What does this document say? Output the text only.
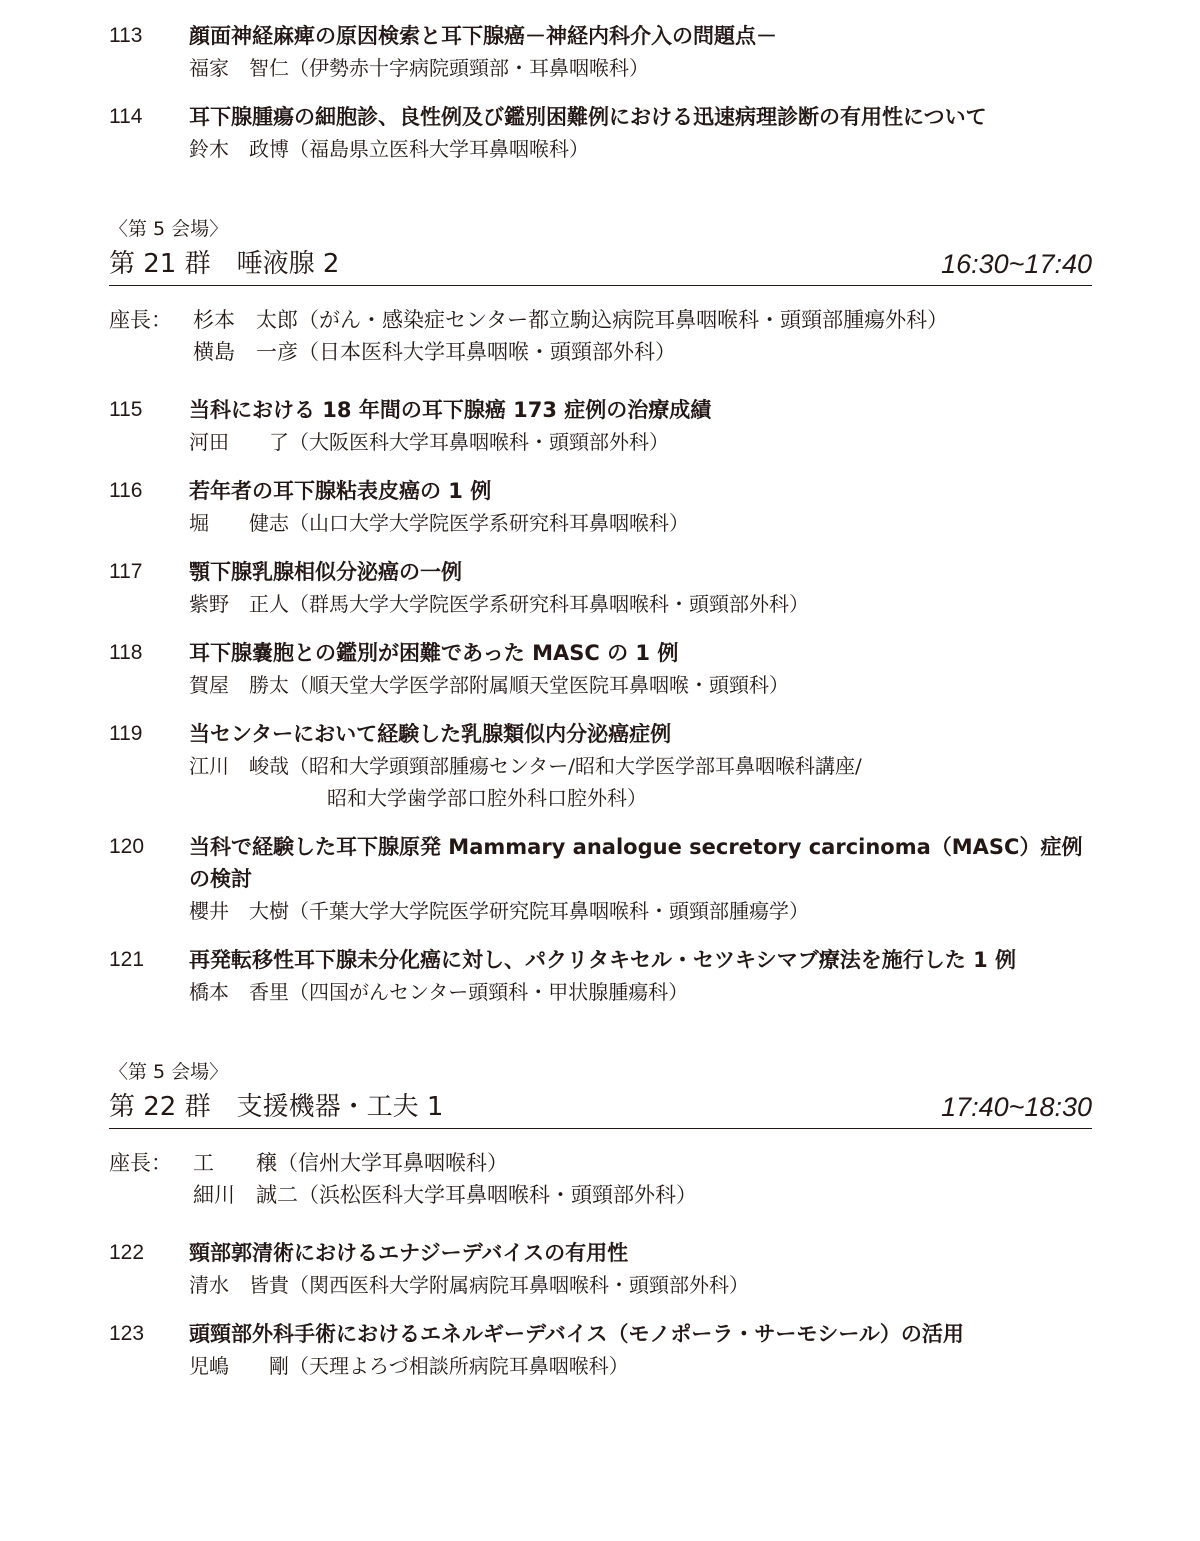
113	顔面神経麻痺の原因検索と耳下腺癌－神経内科介入の問題点－
福家　智仁（伊勢赤十字病院頭頸部・耳鼻咽喉科）
114	耳下腺腫瘍の細胞診、良性例及び鑑別困難例における迅速病理診断の有用性について
鈴木　政博（福島県立医科大学耳鼻咽喉科）
〈第 5 会場〉
第 21 群　唾液腺 2	16:30~17:40
座長： 杉本　太郎（がん・感染症センター都立駒込病院耳鼻咽喉科・頭頸部腫瘍外科）
横島　一彦（日本医科大学耳鼻咽喉・頭頸部外科）
115	当科における 18 年間の耳下腺癌 173 症例の治療成績
河田　　了（大阪医科大学耳鼻咽喉科・頭頸部外科）
116	若年者の耳下腺粘表皮癌の 1 例
堀　　健志（山口大学大学院医学系研究科耳鼻咽喉科）
117	顎下腺乳腺相似分泌癌の一例
紫野　正人（群馬大学大学院医学系研究科耳鼻咽喉科・頭頸部外科）
118	耳下腺嚢胞との鑑別が困難であった MASC の 1 例
賀屋　勝太（順天堂大学医学部附属順天堂医院耳鼻咽喉・頭頸科）
119	当センターにおいて経験した乳腺類似内分泌癌症例
江川　峻哉（昭和大学頭頸部腫瘍センター/昭和大学医学部耳鼻咽喉科講座/
昭和大学歯学部口腔外科口腔外科）
120	当科で経験した耳下腺原発 Mammary analogue secretory carcinoma（MASC）症例の検討
櫻井　大樹（千葉大学大学院医学研究院耳鼻咽喉科・頭頸部腫瘍学）
121	再発転移性耳下腺未分化癌に対し、パクリタキセル・セツキシマブ療法を施行した 1 例
橋本　香里（四国がんセンター頭頸科・甲状腺腫瘍科）
〈第 5 会場〉
第 22 群　支援機器・工夫 1	17:40~18:30
座長： 工　　穣（信州大学耳鼻咽喉科）
細川　誠二（浜松医科大学耳鼻咽喉科・頭頸部外科）
122	頸部郭清術におけるエナジーデバイスの有用性
清水　皆貴（関西医科大学附属病院耳鼻咽喉科・頭頸部外科）
123	頭頸部外科手術におけるエネルギーデバイス（モノポーラ・サーモシール）の活用
児嶋　　剛（天理よろづ相談所病院耳鼻咽喉科）
